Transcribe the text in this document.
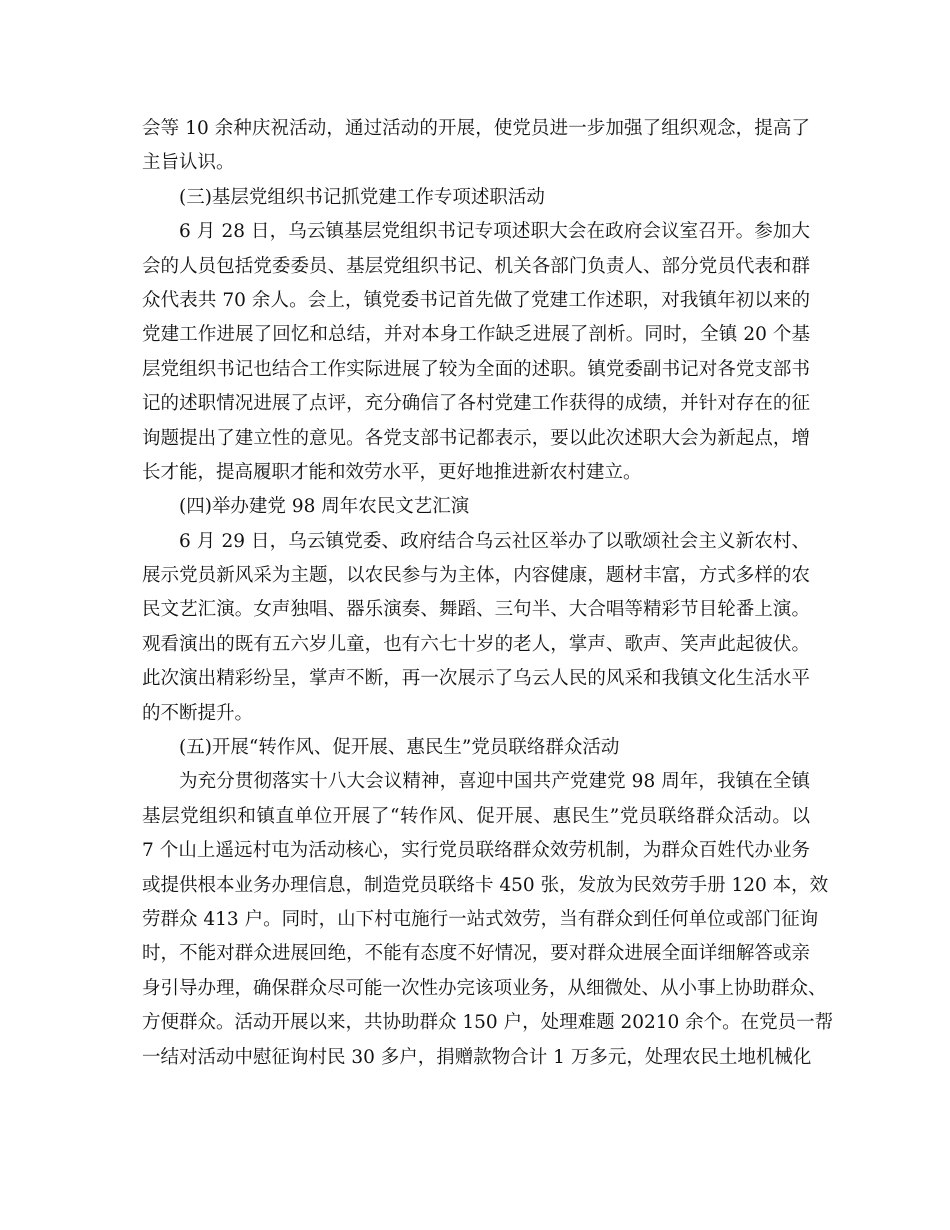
会等 10 余种庆祝活动，通过活动的开展，使党员进一步加强了组织观念，提高了
主旨认识。
(三)基层党组织书记抓党建工作专项述职活动
6 月 28 日，乌云镇基层党组织书记专项述职大会在政府会议室召开。参加大
会的人员包括党委委员、基层党组织书记、机关各部门负责人、部分党员代表和群
众代表共 70 余人。会上，镇党委书记首先做了党建工作述职，对我镇年初以来的
党建工作进展了回忆和总结，并对本身工作缺乏进展了剖析。同时，全镇 20 个基
层党组织书记也结合工作实际进展了较为全面的述职。镇党委副书记对各党支部书
记的述职情况进展了点评，充分确信了各村党建工作获得的成绩，并针对存在的征
询题提出了建立性的意见。各党支部书记都表示，要以此次述职大会为新起点，增
长才能，提高履职才能和效劳水平，更好地推进新农村建立。
(四)举办建党 98 周年农民文艺汇演
6 月 29 日，乌云镇党委、政府结合乌云社区举办了以歌颂社会主义新农村、
展示党员新风采为主题，以农民参与为主体，内容健康，题材丰富，方式多样的农
民文艺汇演。女声独唱、器乐演奏、舞蹈、三句半、大合唱等精彩节目轮番上演。
观看演出的既有五六岁儿童，也有六七十岁的老人，掌声、歌声、笑声此起彼伏。
此次演出精彩纷呈，掌声不断，再一次展示了乌云人民的风采和我镇文化生活水平
的不断提升。
(五)开展“转作风、促开展、惠民生”党员联络群众活动
为充分贯彻落实十八大会议精神，喜迎中国共产党建党 98 周年，我镇在全镇
基层党组织和镇直单位开展了“转作风、促开展、惠民生”党员联络群众活动。以
7 个山上遥远村屯为活动核心，实行党员联络群众效劳机制，为群众百姓代办业务
或提供根本业务办理信息，制造党员联络卡 450 张，发放为民效劳手册 120 本，效
劳群众 413 户。同时，山下村屯施行一站式效劳，当有群众到任何单位或部门征询
时，不能对群众进展回绝，不能有态度不好情况，要对群众进展全面详细解答或亲
身引导办理，确保群众尽可能一次性办完该项业务，从细微处、从小事上协助群众、
方便群众。活动开展以来，共协助群众 150 户，处理难题 20210 余个。在党员一帮
一结对活动中慰征询村民 30 多户，捐赠款物合计 1 万多元，处理农民土地机械化
